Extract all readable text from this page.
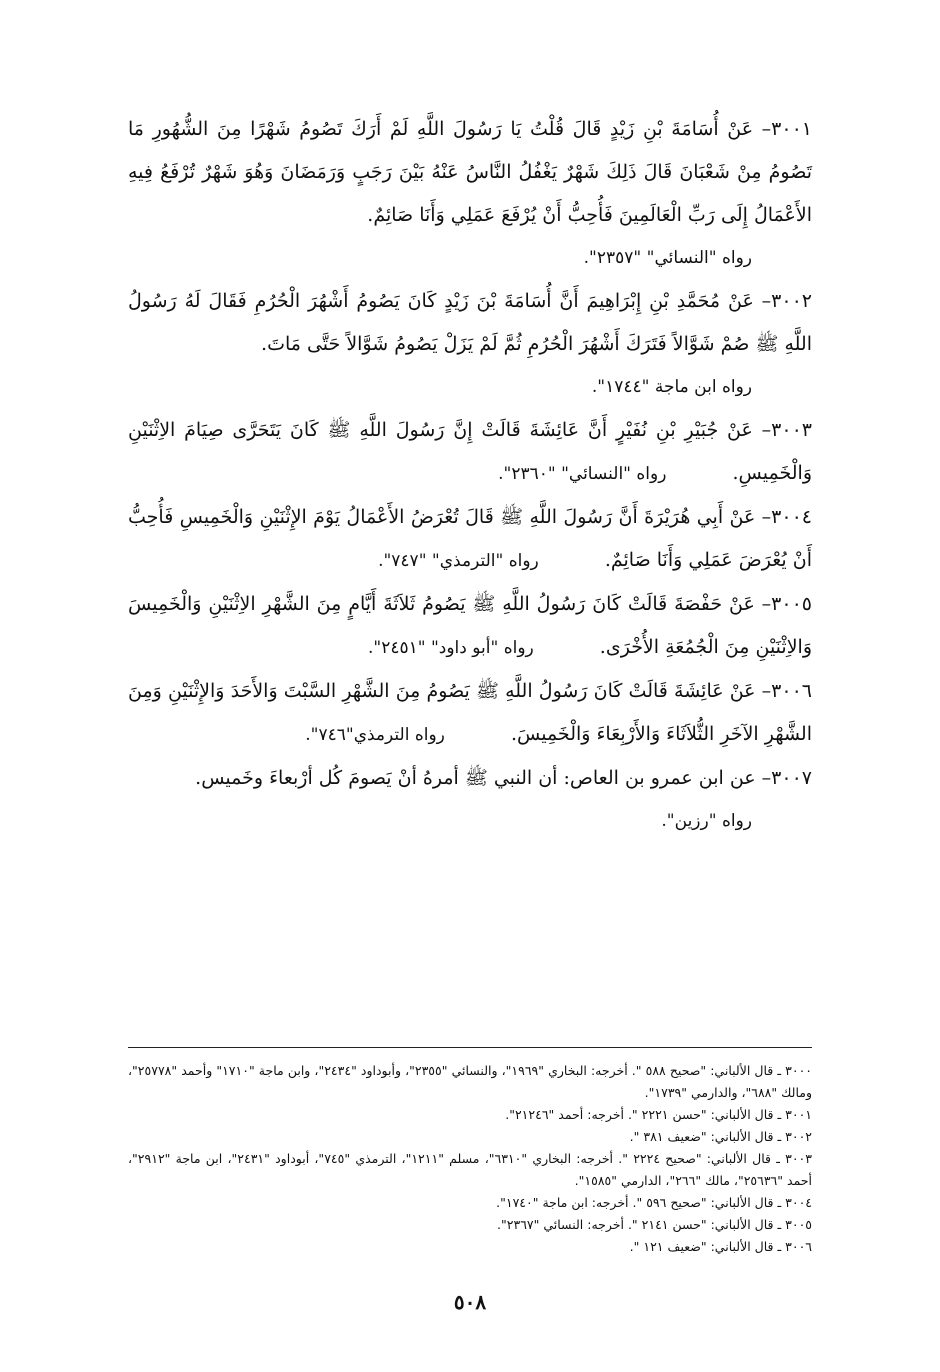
٣٠٠١– عَنْ أُسَامَةَ بْنِ زَيْدٍ قَالَ قُلْتُ يَا رَسُولَ اللَّهِ لَمْ أَرَكَ تَصُومُ شَهْرًا مِنَ الشُّهُورِ مَا تَصُومُ مِنْ شَعْبَانَ قَالَ ذَلِكَ شَهْرٌ يَغْفُلُ النَّاسُ عَنْهُ بَيْنَ رَجَبٍ وَرَمَضَانَ وَهُوَ شَهْرٌ تُرْفَعُ فِيهِ الأَعْمَالُ إِلَى رَبِّ الْعَالَمِينَ فَأُحِبُّ أَنْ يُرْفَعَ عَمَلِي وَأَنَا صَائِمٌ.
رواه "النسائي" "٢٣٥٧".

٣٠٠٢– عَنْ مُحَمَّدِ بْنِ إِبْرَاهِيمَ أَنَّ أُسَامَةَ بْنَ زَيْدٍ كَانَ يَصُومُ أَشْهُرَ الْحُرُمِ فَقَالَ لَهُ رَسُولُ اللَّهِ ﷺ صُمْ شَوَّالاً فَتَرَكَ أَشْهُرَ الْحُرُمِ ثُمَّ لَمْ يَزَلْ يَصُومُ شَوَّالاً حَتَّى مَاتَ.
رواه ابن ماجة "١٧٤٤".

٣٠٠٣– عَنْ جُبَيْرِ بْنِ نُفَيْرٍ أَنَّ عَائِشَةَ قَالَتْ إِنَّ رَسُولَ اللَّهِ ﷺ كَانَ يَتَحَرَّى صِيَامَ الاِثْنَيْنِ وَالْخَمِيسِ. رواه "النسائي" "٢٣٦٠".

٣٠٠٤– عَنْ أَبِي هُرَيْرَةَ أَنَّ رَسُولَ اللَّهِ ﷺ قَالَ تُعْرَضُ الأَعْمَالُ يَوْمَ الإِثْنَيْنِ وَالْخَمِيسِ فَأُحِبُّ أَنْ يُعْرَضَ عَمَلِي وَأَنَا صَائِمٌ. رواه "الترمذي" "٧٤٧".

٣٠٠٥– عَنْ حَفْصَةَ قَالَتْ كَانَ رَسُولُ اللَّهِ ﷺ يَصُومُ ثَلاَثَةَ أَيَّامٍ مِنَ الشَّهْرِ الاِثْنَيْنِ وَالْخَمِيسَ وَالاِثْنَيْنِ مِنَ الْجُمُعَةِ الأُخْرَى. رواه "أبو داود" "٢٤٥١".

٣٠٠٦– عَنْ عَائِشَةَ قَالَتْ كَانَ رَسُولُ اللَّهِ ﷺ يَصُومُ مِنَ الشَّهْرِ السَّبْتَ وَالأَحَدَ وَالإِثْنَيْنِ وَمِنَ الشَّهْرِ الآخَرِ الثُّلاَثَاءَ وَالأَرْبِعَاءَ وَالْخَمِيسَ. رواه الترمذي"٧٤٦".

٣٠٠٧– عن ابن عمرو بن العاص: أن النبي ﷺ أمرهُ أنْ يَصومَ كُل أرْبعاءَ وخَميس.
رواه "رزين".

٣٠٠٠ ـ قال الألباني: "صحيح ٥٨٨ ". أخرجه: البخاري "١٩٦٩"، والنسائي "٢٣٥٥"، وأبوداود "٢٤٣٤"، وابن ماجة "١٧١٠" وأحمد "٢٥٧٧٨"، ومالك "٦٨٨"، والدارمي "١٧٣٩".

٣٠٠١ ـ قال الألباني: "حسن ٢٢٢١ ". أخرجه: أحمد "٢١٢٤٦".

٣٠٠٢ ـ قال الألباني: "ضعيف ٣٨١ ".

٣٠٠٣ ـ قال الألباني: "صحيح ٢٢٢٤ ". أخرجه: البخاري "٦٣١٠"، مسلم "١٢١١"، الترمذي "٧٤٥"، أبوداود "٢٤٣١"، ابن ماجة "٢٩١٢"، أحمد "٢٥٦٣٦"، مالك "٢٦٦"، الدارمي "١٥٨٥".

٣٠٠٤ ـ قال الألباني: "صحيح ٥٩٦ ". أخرجه: ابن ماجة "١٧٤٠".

٣٠٠٥ ـ قال الألباني: "حسن ٢١٤١ ". أخرجه: النسائي "٢٣٦٧".

٣٠٠٦ ـ قال الألباني: "ضعيف ١٢١ ".

٥٠٨
